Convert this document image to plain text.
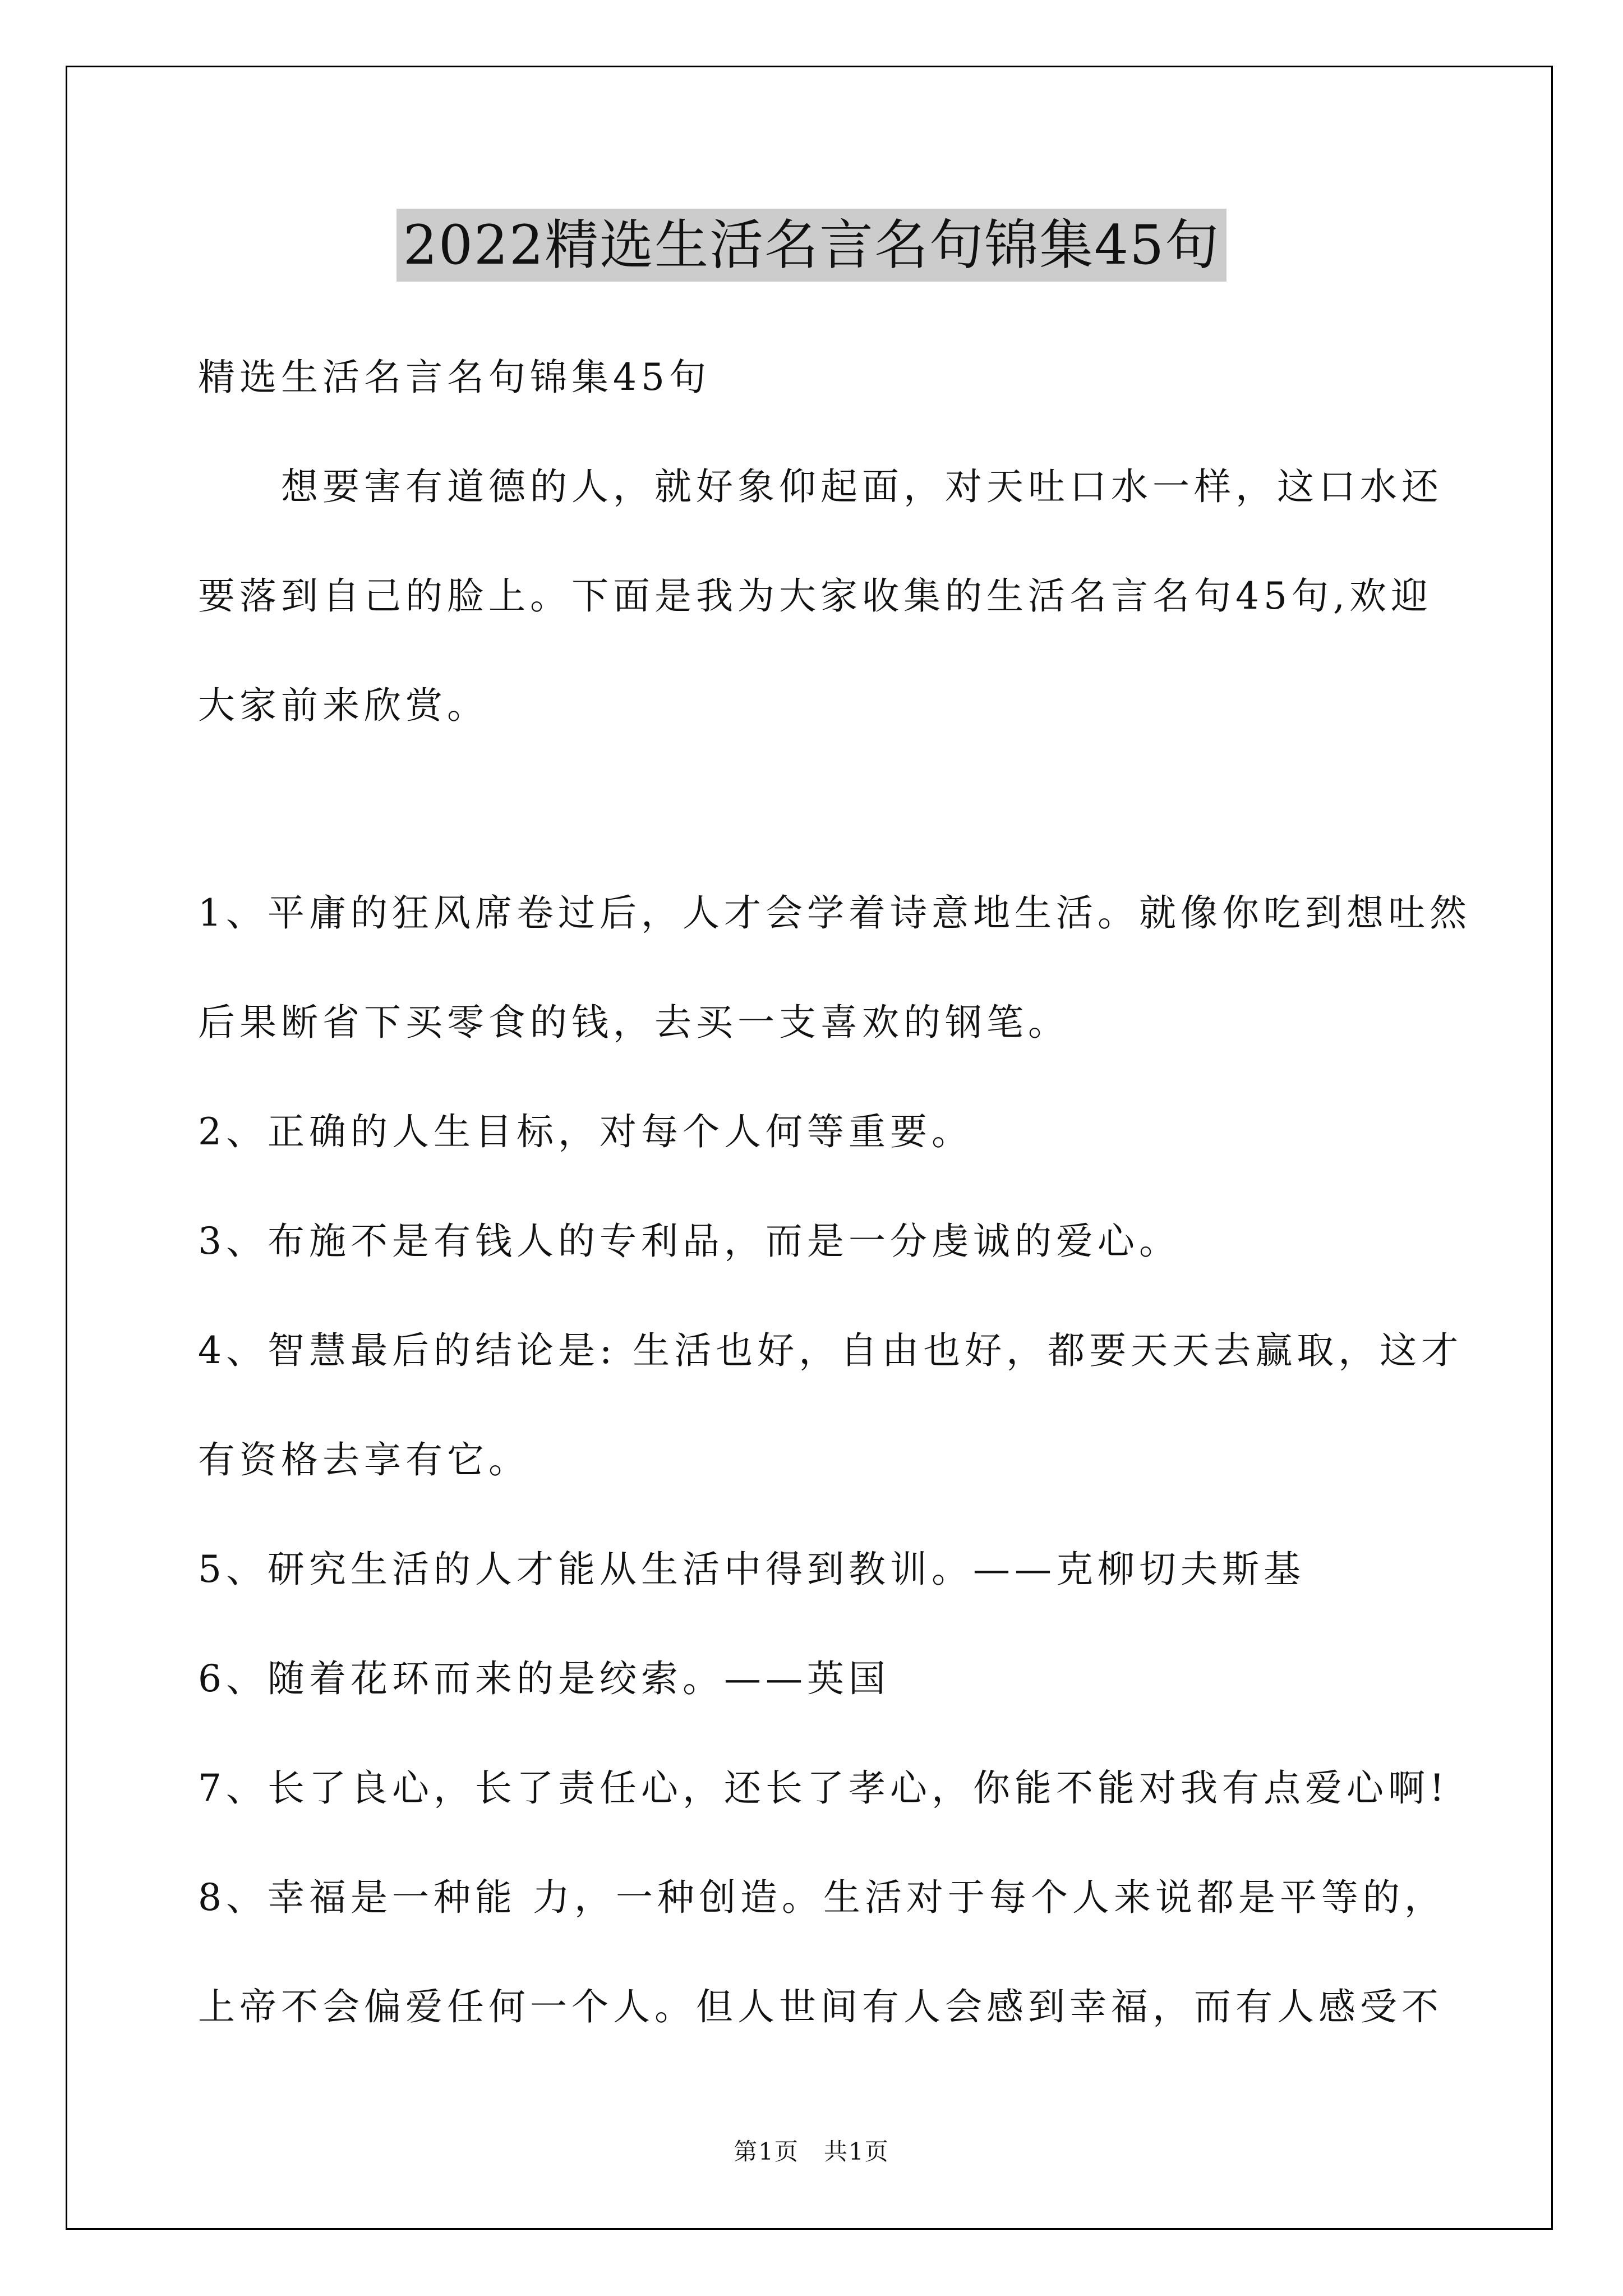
2022精选生活名言名句锦集45句

精选生活名言名句锦集45句

　　想要害有道德的人，就好象仰起面，对天吐口水一样，这口水还

要落到自己的脸上。下面是我为大家收集的生活名言名句45句,欢迎

大家前来欣赏。

1、平庸的狂风席卷过后，人才会学着诗意地生活。就像你吃到想吐然

后果断省下买零食的钱，去买一支喜欢的钢笔。

2、正确的人生目标，对每个人何等重要。

3、布施不是有钱人的专利品，而是一分虔诚的爱心。

4、智慧最后的结论是: 生活也好，自由也好，都要天天去赢取，这才

有资格去享有它。

5、研究生活的人才能从生活中得到教训。——克柳切夫斯基

6、随着花环而来的是绞索。——英国

7、长了良心，长了责任心，还长了孝心，你能不能对我有点爱心啊!

8、幸福是一种能 力，一种创造。生活对于每个人来说都是平等的，

上帝不会偏爱任何一个人。但人世间有人会感到幸福，而有人感受不

第1页　共1页
